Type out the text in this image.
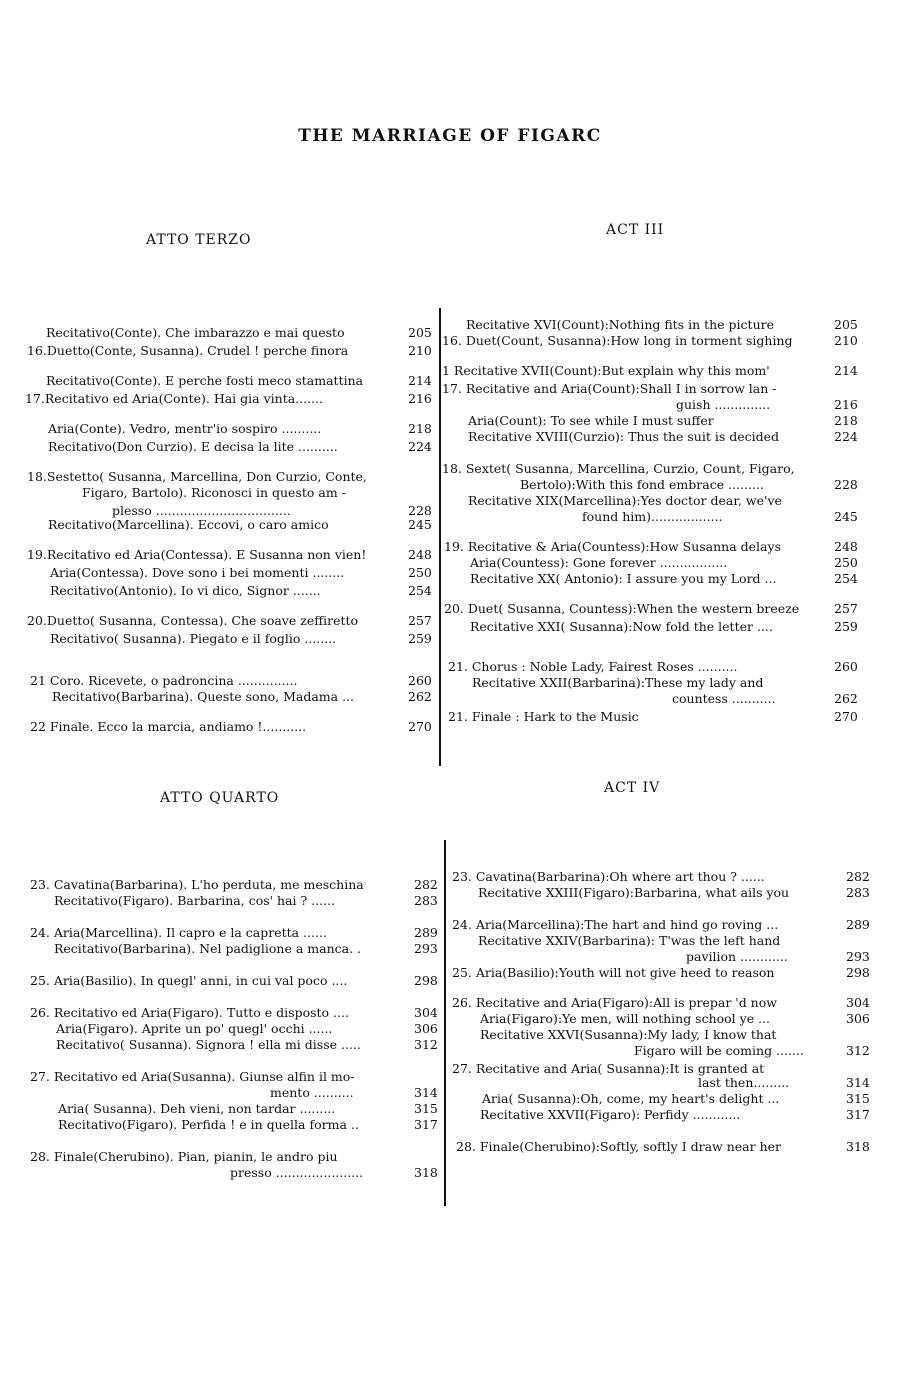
THE MARRIAGE OF FIGARC
ATTO TERZO
ACT III
ATTO QUARTO
ACT IV
Recitativo(Conte). Che imbarazzo e mai questo	205
16.Duetto(Conte, Susanna). Crudel ! perche finora	210
Recitativo(Conte). E perche fosti meco stamattina	214
17.Recitativo ed Aria(Conte). Hai gia vinta.......	216
Aria(Conte). Vedro, mentr'io sospiro ..........	218
Recitativo(Don Curzio). E decisa la lite ..........	224
18.Sestetto( Susanna, Marcellina, Don Curzio, Conte,
Figaro, Bartolo). Riconosci in questo am -
plesso ..................................	228
Recitativo(Marcellina). Eccovi, o caro amico	245
19.Recitativo ed Aria(Contessa). E Susanna non vien!	248
Aria(Contessa). Dove sono i bei momenti ........	250
Recitativo(Antonio). Io vi dico, Signor .......	254
20.Duetto( Susanna, Contessa). Che soave zeffiretto	257
Recitativo( Susanna). Piegato e il foglio ........	259
21 Coro. Ricevete, o padroncina ...............	260
Recitativo(Barbarina). Queste sono, Madama ...	262
22 Finale. Ecco la marcia, andiamo !...........	270
Recitative XVI(Count):Nothing fits in the picture	205
16. Duet(Count, Susanna):How long in torment sighing	210
1 Recitative XVII(Count):But explain why this mom'	214
17. Recitative and Aria(Count):Shall I in sorrow lan -
guish ..............	216
Aria(Count): To see while I must suffer	218
Recitative XVIII(Curzio): Thus the suit is decided	224
18. Sextet( Susanna, Marcellina, Curzio, Count, Figaro,
Bertolo):With this fond embrace .........	228
Recitative XIX(Marcellina):Yes doctor dear, we've
found him)..................	245
19. Recitative & Aria(Countess):How Susanna delays	248
Aria(Countess): Gone forever .................	250
Recitative XX( Antonio): I assure you my Lord ...	254
20. Duet( Susanna, Countess):When the western breeze	257
Recitative XXI( Susanna):Now fold the letter ....	259
21. Chorus : Noble Lady, Fairest Roses ..........	260
Recitative XXII(Barbarina):These my lady and
countess ...........	262
21. Finale : Hark to the Music	270
23. Cavatina(Barbarina). L'ho perduta, me meschina	282
Recitativo(Figaro). Barbarina, cos' hai ? ......	283
24. Aria(Marcellina). Il capro e la capretta ......	289
Recitativo(Barbarina). Nel padiglione a manca. .	293
25. Aria(Basilio). In quegl' anni, in cui val poco ....	298
26. Recitativo ed Aria(Figaro). Tutto e disposto ....	304
Aria(Figaro). Aprite un po' quegl' occhi ......	306
Recitativo( Susanna). Signora ! ella mi disse .....	312
27. Recitativo ed Aria(Susanna). Giunse alfin il mo-
mento ..........	314
Aria( Susanna). Deh vieni, non tardar .........	315
Recitativo(Figaro). Perfida ! e in quella forma ..	317
28. Finale(Cherubino). Pian, pianin, le andro piu
presso ......................	318
23. Cavatina(Barbarina):Oh where art thou ? ......	282
Recitative XXIII(Figaro):Barbarina, what ails you	283
24. Aria(Marcellina):The hart and hind go roving ...	289
Recitative XXIV(Barbarina): T'was the left hand
pavilion ............	293
25. Aria(Basilio):Youth will not give heed to reason	298
26. Recitative and Aria(Figaro):All is prepar 'd now	304
Aria(Figaro):Ye men, will nothing school ye ...	306
Recitative XXVI(Susanna):My lady, I know that
Figaro will be coming .......	312
27. Recitative and Aria( Susanna):It is granted at
last then.........	314
Aria( Susanna):Oh, come, my heart's delight ...	315
Recitative XXVII(Figaro): Perfidy ............	317
28. Finale(Cherubino):Softly, softly I draw near her	318
